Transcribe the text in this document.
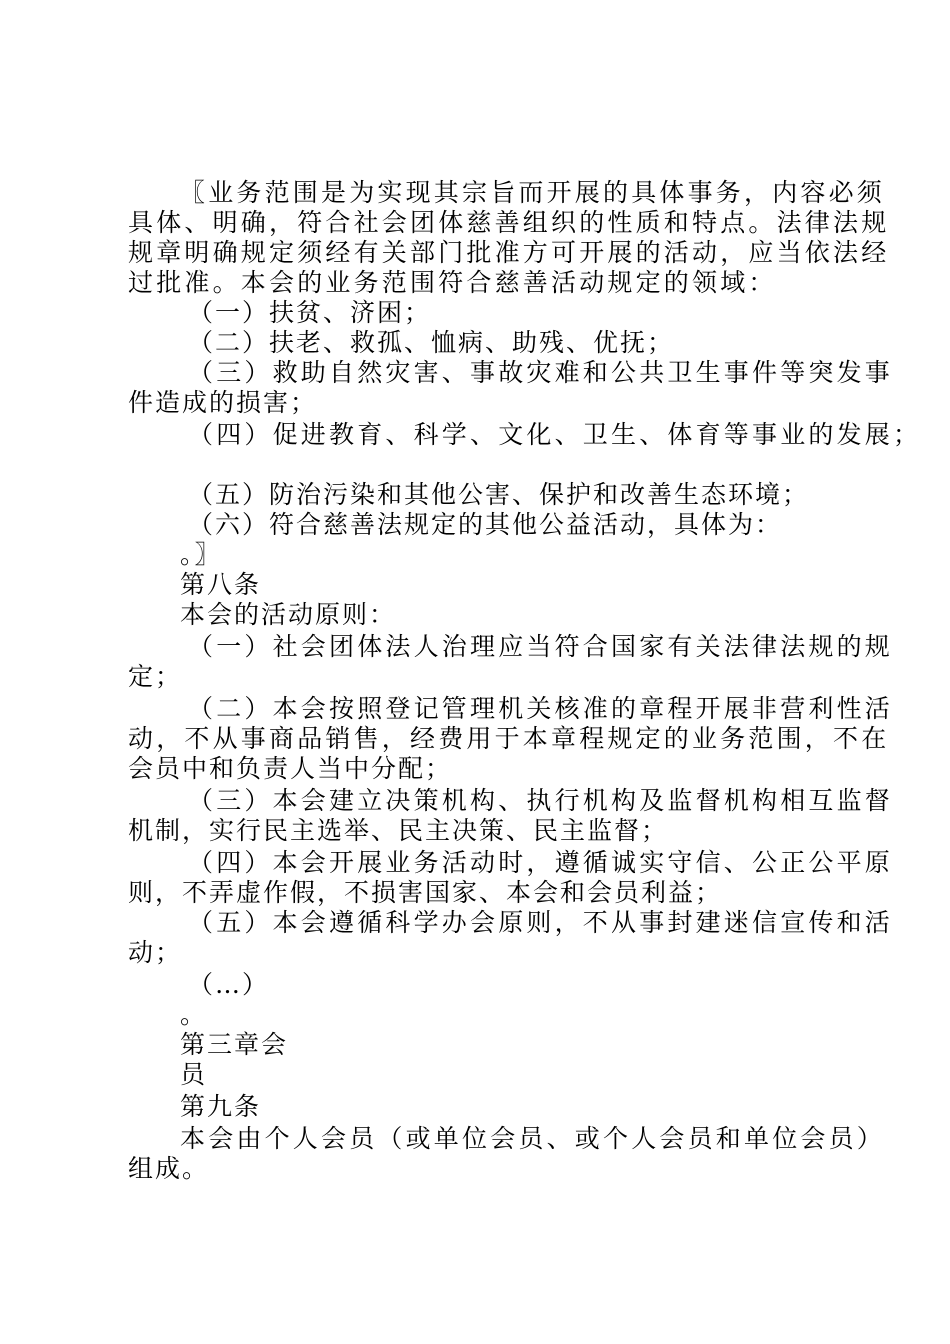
〖业务范围是为实现其宗旨而开展的具体事务，内容必须
具体、明确，符合社会团体慈善组织的性质和特点。法律法规
规章明确规定须经有关部门批准方可开展的活动，应当依法经
过批准。本会的业务范围符合慈善活动规定的领域：
（一）扶贫、济困；
（二）扶老、救孤、恤病、助残、优抚；
（三）救助自然灾害、事故灾难和公共卫生事件等突发事
件造成的损害；
（四）促进教育、科学、文化、卫生、体育等事业的发展；
（五）防治污染和其他公害、保护和改善生态环境；
（六）符合慈善法规定的其他公益活动，具体为：
。〗
第八条
本会的活动原则：
（一）社会团体法人治理应当符合国家有关法律法规的规
定；
（二）本会按照登记管理机关核准的章程开展非营利性活
动，不从事商品销售，经费用于本章程规定的业务范围，不在
会员中和负责人当中分配；
（三）本会建立决策机构、执行机构及监督机构相互监督
机制，实行民主选举、民主决策、民主监督；
（四）本会开展业务活动时，遵循诚实守信、公正公平原
则，不弄虚作假，不损害国家、本会和会员利益；
（五）本会遵循科学办会原则，不从事封建迷信宣传和活
动；
（…）
。
第三章会
员
第九条
本会由个人会员（或单位会员、或个人会员和单位会员）
组成。
